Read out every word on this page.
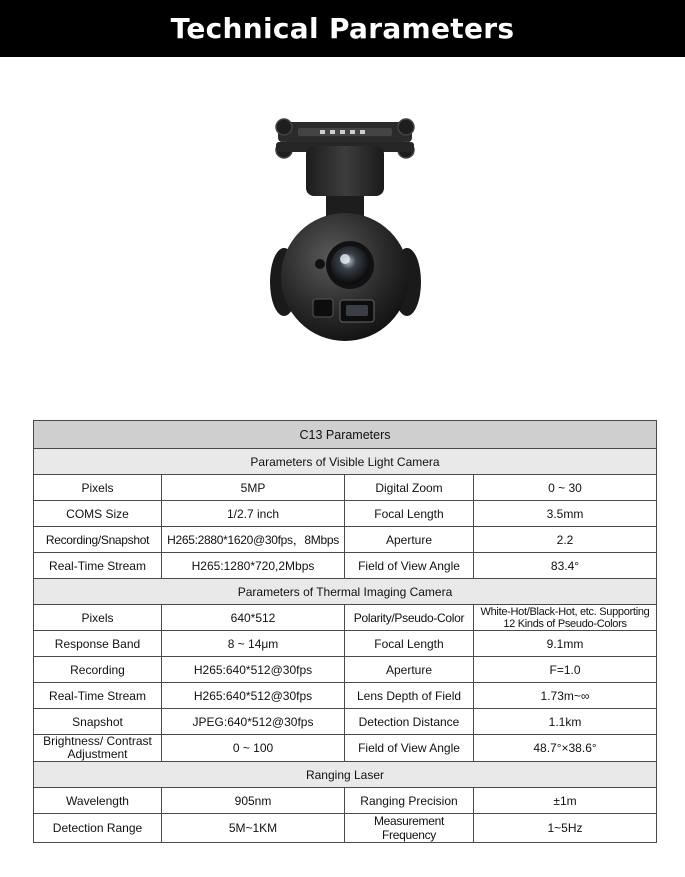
Technical Parameters
C13 Parameters			
Parameters of Visible Light Camera			
Pixels	5MP	Digital Zoom	0 ~ 30
COMS Size	1/2.7 inch	Focal Length	3.5mm
Recording/Snapshot	H265:2880*1620@30fps，8Mbps	Aperture	2.2
Real-Time Stream	H265:1280*720,2Mbps	Field of View Angle	83.4°
Parameters of Thermal Imaging Camera			
Pixels	640*512	Polarity/Pseudo-Color	White-Hot/Black-Hot, etc. Supporting 12 Kinds of Pseudo-Colors
Response Band	8 ~ 14μm	Focal Length	9.1mm
Recording	H265:640*512@30fps	Aperture	F=1.0
Real-Time Stream	H265:640*512@30fps	Lens Depth of Field	1.73m~∞
Snapshot	JPEG:640*512@30fps	Detection Distance	1.1km
Brightness/ Contrast Adjustment	0 ~ 100	Field of View Angle	48.7°×38.6°
Ranging Laser			
Wavelength	905nm	Ranging Precision	±1m
Detection Range	5M~1KM	Measurement Frequency	1~5Hz
